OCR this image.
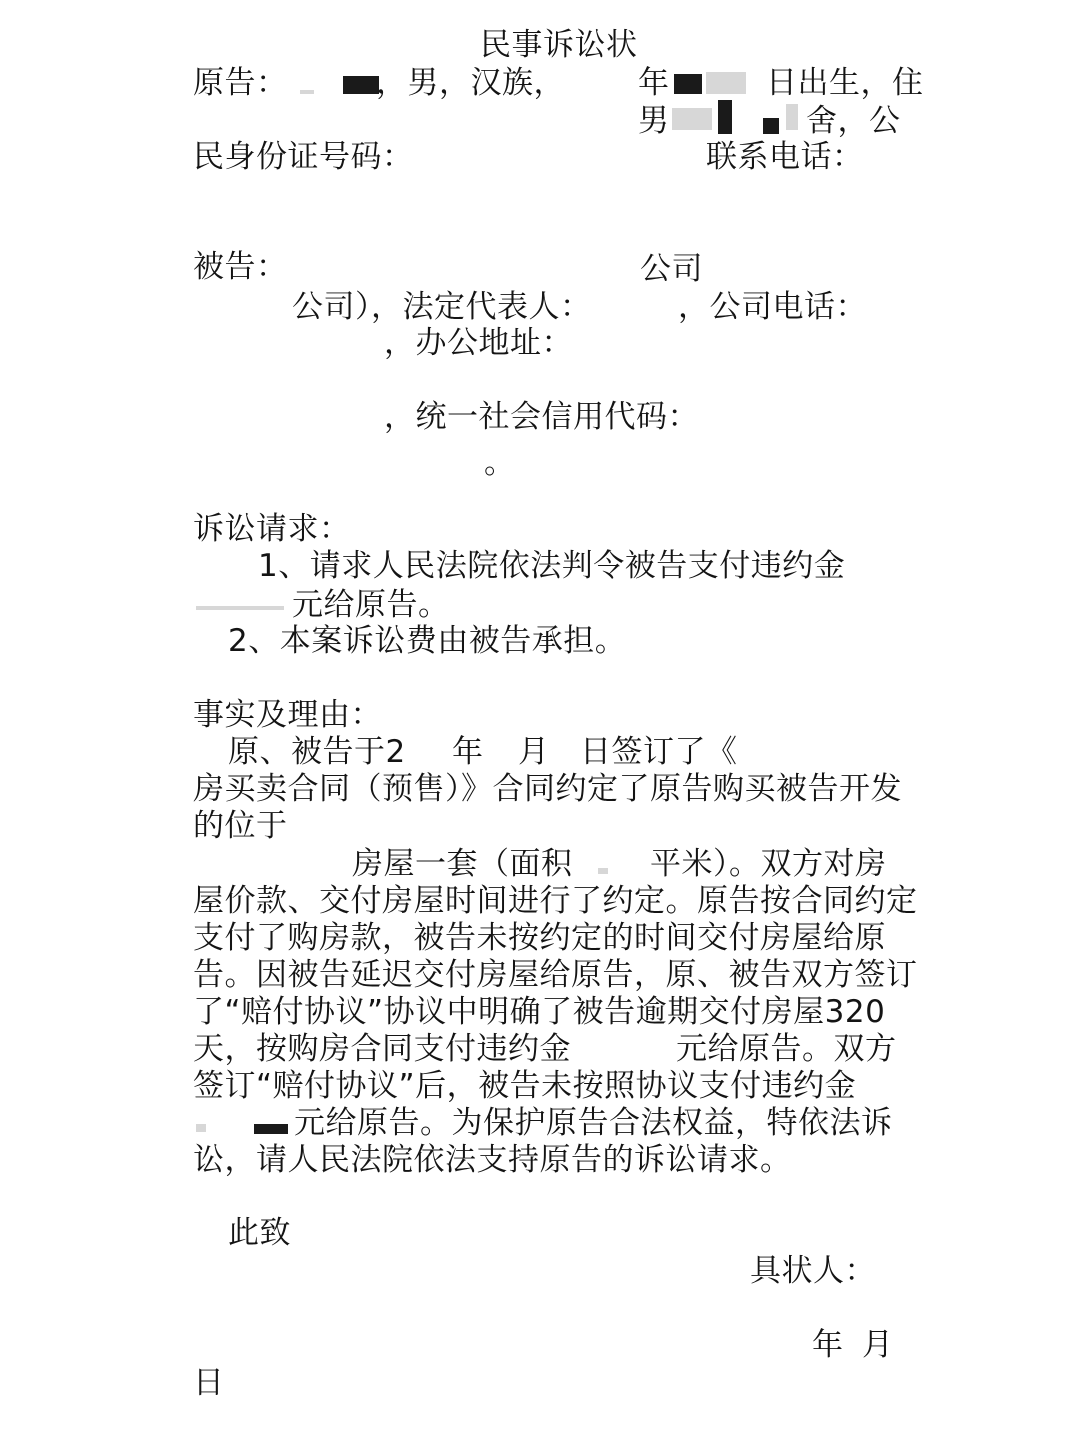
民事诉讼状
原告：	，男，汉族， 年	日出生，住
男	舍，公
民身份证号码：	联系电话：
被告：	公司
公司），法定代表人：	，公司电话：
，办公地址：
，统一社会信用代码：
。
诉讼请求：
1、请求人民法院依法判令被告支付违约金
元给原告。
2、本案诉讼费由被告承担。
事实及理由：
原、被告于2 年 月 日签订了《
房买卖合同（预售）》合同约定了原告购买被告开发
的位于
房屋一套（面积	平米）。双方对房
屋价款、交付房屋时间进行了约定。原告按合同约定
支付了购房款，被告未按约定的时间交付房屋给原
告。因被告延迟交付房屋给原告，原、被告双方签订
了“赔付协议”协议中明确了被告逾期交付房屋320
天，按购房合同支付违约金	元给原告。双方
签订“赔付协议”后，被告未按照协议支付违约金
元给原告。为保护原告合法权益，特依法诉
讼，请人民法院依法支持原告的诉讼请求。
此致
具状人：
年 月
日
